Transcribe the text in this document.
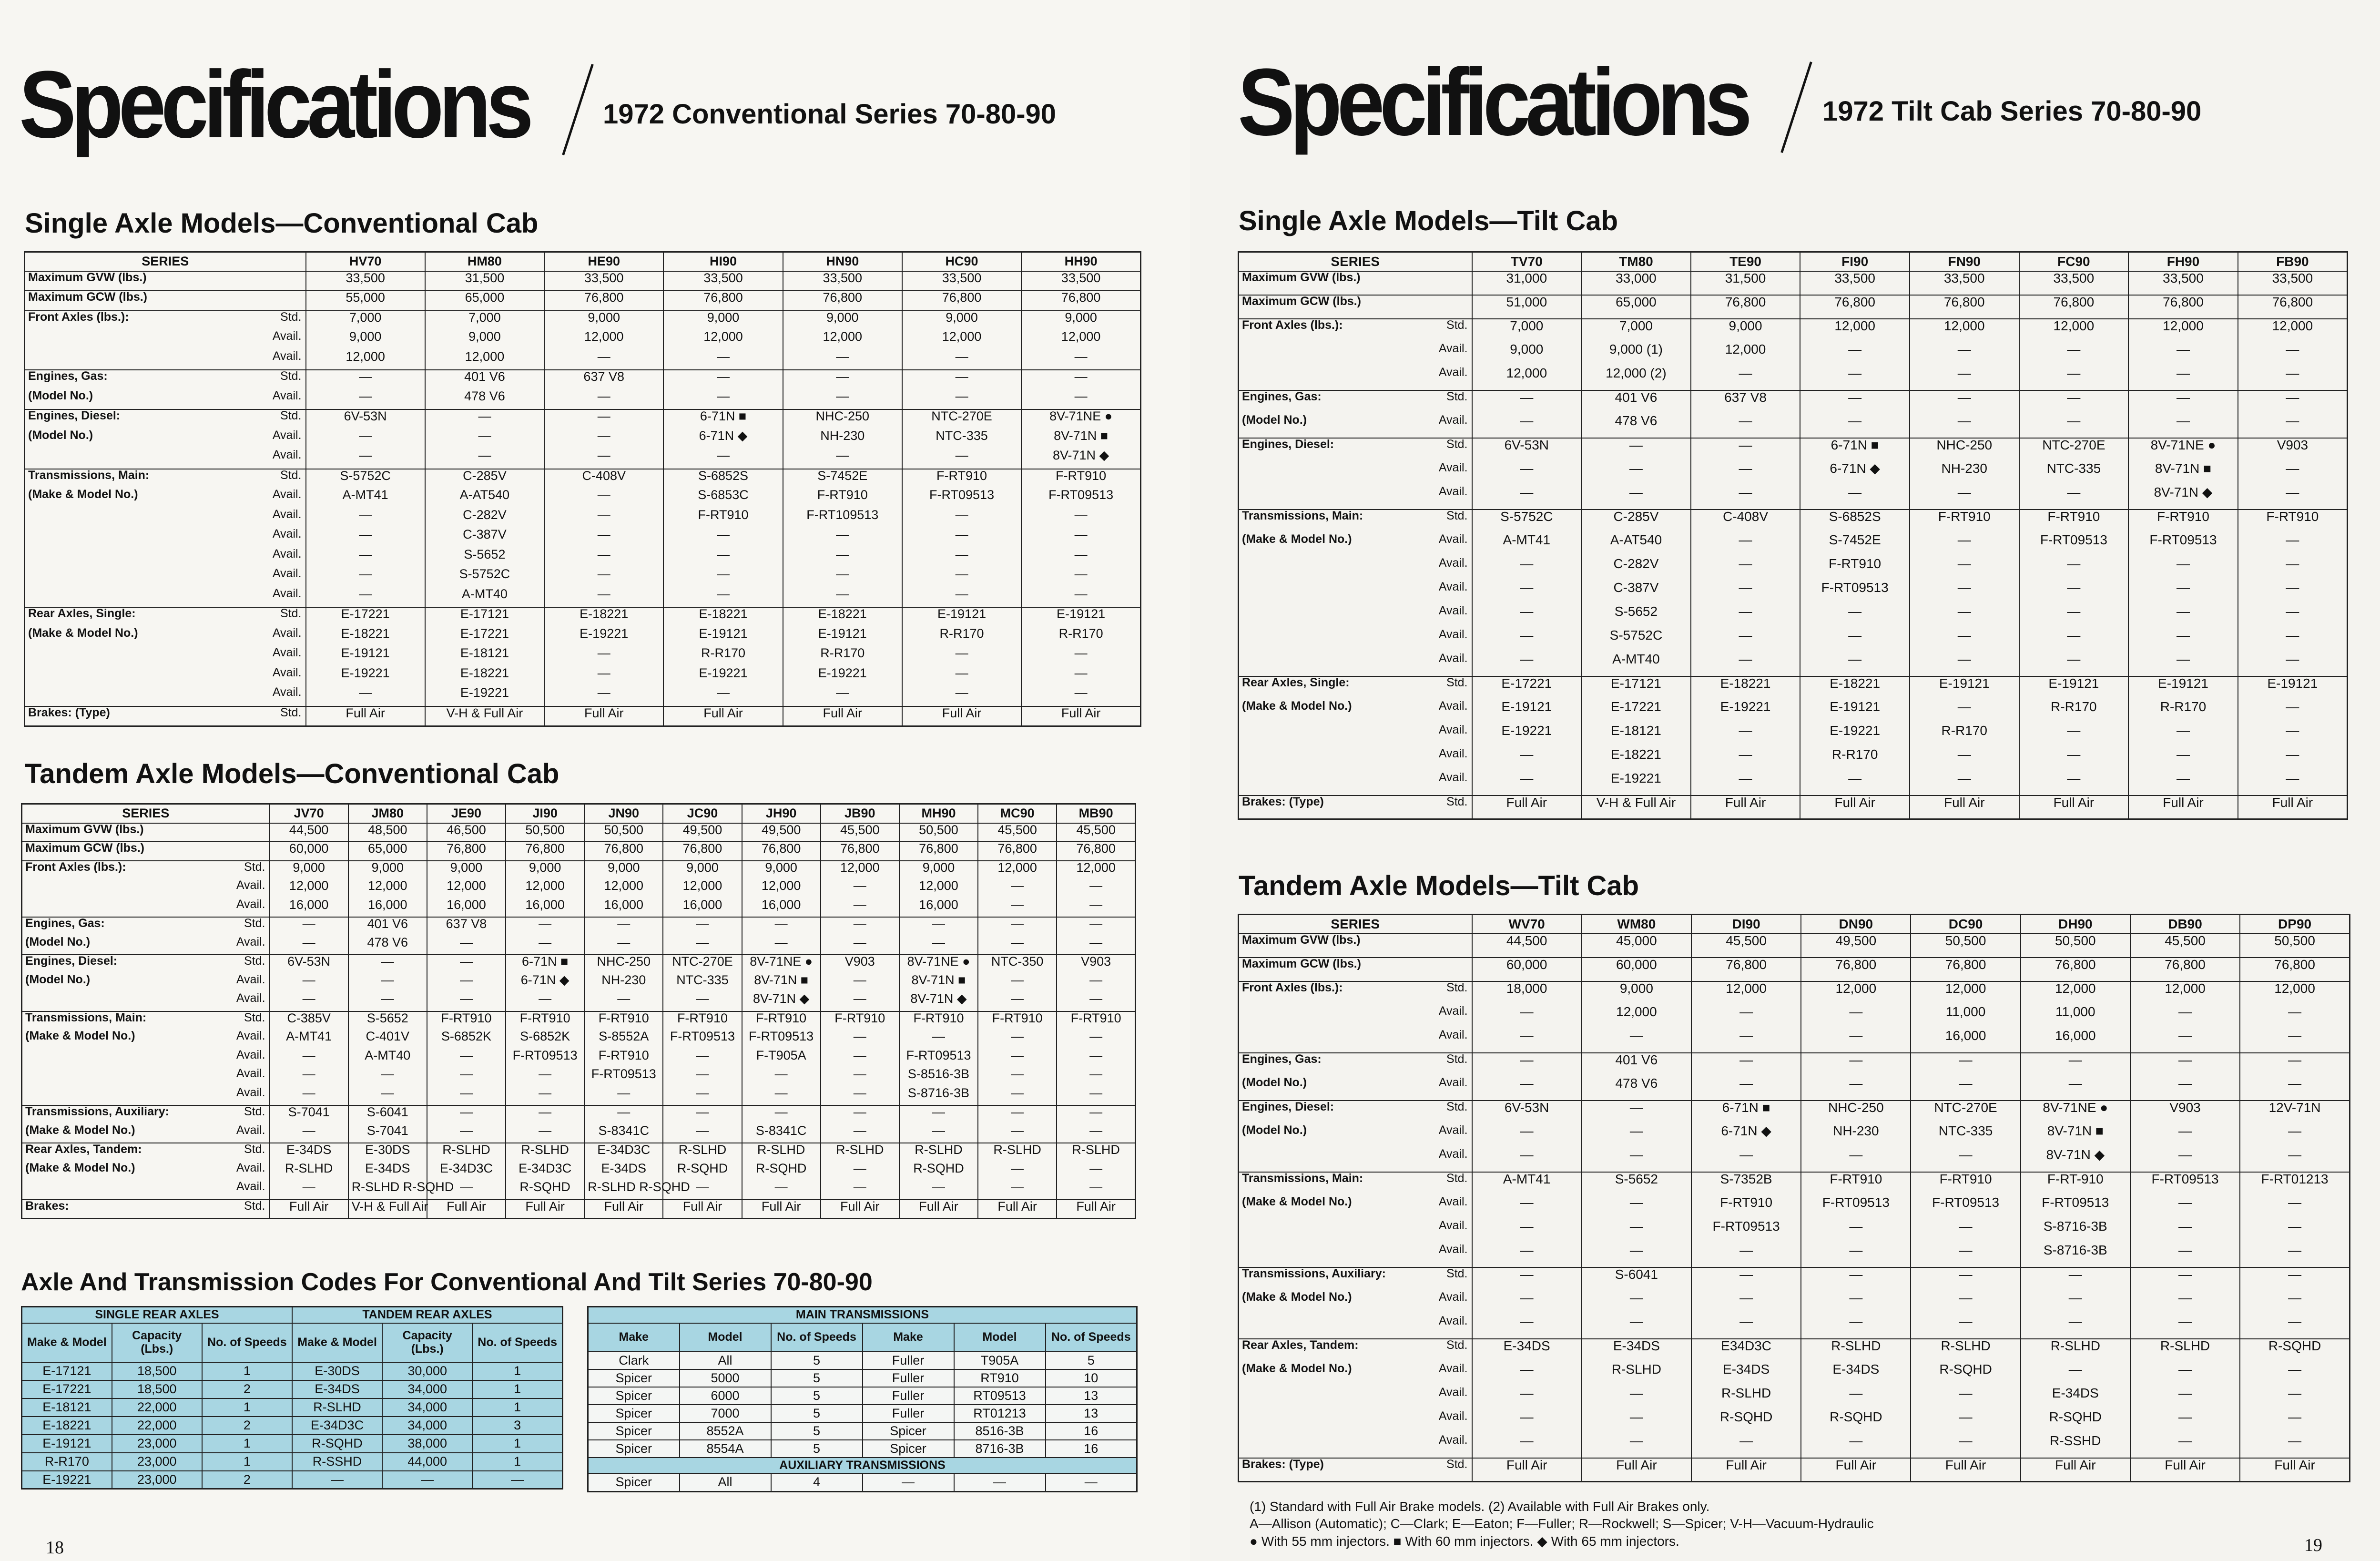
Specifications	1972 Conventional Series 70-80-90
Single Axle Models—Conventional Cab
SERIES		HV70	HM80	HE90	HI90	HN90	HC90	HH90
Maximum GVW (lbs.)		33,500	31,500	33,500	33,500	33,500	33,500	33,500
Maximum GCW (lbs.)		55,000	65,000	76,800	76,800	76,800	76,800	76,800
Front Axles (lbs.):	Std.	7,000	7,000	9,000	9,000	9,000	9,000	9,000
	Avail.	9,000	9,000	12,000	12,000	12,000	12,000	12,000
	Avail.	12,000	12,000	—	—	—	—	—
Engines, Gas:	Std.	—	401 V6	637 V8	—	—	—	—
(Model No.)	Avail.	—	478 V6	—	—	—	—	—
Engines, Diesel:	Std.	6V-53N	—	—	6-71N ■	NHC-250	NTC-270E	8V-71NE ●
(Model No.)	Avail.	—	—	—	6-71N ◆	NH-230	NTC-335	8V-71N ■
	Avail.	—	—	—	—	—	—	8V-71N ◆
Transmissions, Main:	Std.	S-5752C	C-285V	C-408V	S-6852S	S-7452E	F-RT910	F-RT910
(Make & Model No.)	Avail.	A-MT41	A-AT540	—	S-6853C	F-RT910	F-RT09513	F-RT09513
	Avail.	—	C-282V	—	F-RT910	F-RT109513	—	—
	Avail.	—	C-387V	—	—	—	—	—
	Avail.	—	S-5652	—	—	—	—	—
	Avail.	—	S-5752C	—	—	—	—	—
	Avail.	—	A-MT40	—	—	—	—	—
Rear Axles, Single:	Std.	E-17221	E-17121	E-18221	E-18221	E-18221	E-19121	E-19121
(Make & Model No.)	Avail.	E-18221	E-17221	E-19221	E-19121	E-19121	R-R170	R-R170
	Avail.	E-19121	E-18121	—	R-R170	R-R170	—	—
	Avail.	E-19221	E-18221	—	E-19221	E-19221	—	—
	Avail.	—	E-19221	—	—	—	—	—
Brakes: (Type)	Std.	Full Air	V-H & Full Air	Full Air	Full Air	Full Air	Full Air	Full Air
Tandem Axle Models—Conventional Cab
SERIES		JV70	JM80	JE90	JI90	JN90	JC90	JH90	JB90	MH90	MC90	MB90
Maximum GVW (lbs.)		44,500	48,500	46,500	50,500	50,500	49,500	49,500	45,500	50,500	45,500	45,500
Maximum GCW (lbs.)		60,000	65,000	76,800	76,800	76,800	76,800	76,800	76,800	76,800	76,800	76,800
Front Axles (lbs.):	Std.	9,000	9,000	9,000	9,000	9,000	9,000	9,000	12,000	9,000	12,000	12,000
	Avail.	12,000	12,000	12,000	12,000	12,000	12,000	12,000	—	12,000	—	—
	Avail.	16,000	16,000	16,000	16,000	16,000	16,000	16,000	—	16,000	—	—
Engines, Gas:	Std.	—	401 V6	637 V8	—	—	—	—	—	—	—	—
(Model No.)	Avail.	—	478 V6	—	—	—	—	—	—	—	—	—
Engines, Diesel:	Std.	6V-53N	—	—	6-71N ■	NHC-250	NTC-270E	8V-71NE ●	V903	8V-71NE ●	NTC-350	V903
(Model No.)	Avail.	—	—	—	6-71N ◆	NH-230	NTC-335	8V-71N ■	—	8V-71N ■	—	—
	Avail.	—	—	—	—	—	—	8V-71N ◆	—	8V-71N ◆	—	—
Transmissions, Main:	Std.	C-385V	S-5652	F-RT910	F-RT910	F-RT910	F-RT910	F-RT910	F-RT910	F-RT910	F-RT910	F-RT910
(Make & Model No.)	Avail.	A-MT41	C-401V	S-6852K	S-6852K	S-8552A	F-RT09513	F-RT09513	—	—	—	—
	Avail.	—	A-MT40	—	F-RT09513	F-RT910	—	F-T905A	—	F-RT09513	—	—
	Avail.	—	—	—	—	F-RT09513	—	—	—	S-8516-3B	—	—
	Avail.	—	—	—	—	—	—	—	—	S-8716-3B	—	—
Transmissions, Auxiliary:	Std.	S-7041	S-6041	—	—	—	—	—	—	—	—	—
(Make & Model No.)	Avail.	—	S-7041	—	—	S-8341C	—	S-8341C	—	—	—	—
Rear Axles, Tandem:	Std.	E-34DS	E-30DS	R-SLHD	R-SLHD	E-34D3C	R-SLHD	R-SLHD	R-SLHD	R-SLHD	R-SLHD	R-SLHD
(Make & Model No.)	Avail.	R-SLHD	E-34DS	E-34D3C	E-34D3C	E-34DS	R-SQHD	R-SQHD	—	R-SQHD	—	—
	Avail.	—	R-SLHD R-SQHD	—	R-SQHD	R-SLHD R-SQHD	—	—	—	—	—	—
Brakes:	Std.	Full Air	V-H & Full Air	Full Air	Full Air	Full Air	Full Air	Full Air	Full Air	Full Air	Full Air	Full Air
Axle And Transmission Codes For Conventional And Tilt Series 70-80-90
SINGLE REAR AXLES			TANDEM REAR AXLES		
Make & Model	Capacity (Lbs.)	No. of Speeds	Make & Model	Capacity (Lbs.)	No. of Speeds
E-17121	18,500	1	E-30DS	30,000	1
E-17221	18,500	2	E-34DS	34,000	1
E-18121	22,000	1	R-SLHD	34,000	1
E-18221	22,000	2	E-34D3C	34,000	3
E-19121	23,000	1	R-SQHD	38,000	1
R-R170	23,000	1	R-SSHD	44,000	1
E-19221	23,000	2	—	—	—
MAIN TRANSMISSIONS					
Make	Model	No. of Speeds	Make	Model	No. of Speeds
Clark	All	5	Fuller	T905A	5
Spicer	5000	5	Fuller	RT910	10
Spicer	6000	5	Fuller	RT09513	13
Spicer	7000	5	Fuller	RT01213	13
Spicer	8552A	5	Spicer	8516-3B	16
Spicer	8554A	5	Spicer	8716-3B	16
AUXILIARY TRANSMISSIONS					
Spicer	All	4	—	—	—
18
Specifications	1972 Tilt Cab Series 70-80-90
Single Axle Models—Tilt Cab
SERIES		TV70	TM80	TE90	FI90	FN90	FC90	FH90	FB90
Maximum GVW (lbs.)		31,000	33,000	31,500	33,500	33,500	33,500	33,500	33,500
Maximum GCW (lbs.)		51,000	65,000	76,800	76,800	76,800	76,800	76,800	76,800
Front Axles (lbs.):	Std.	7,000	7,000	9,000	12,000	12,000	12,000	12,000	12,000
	Avail.	9,000	9,000 (1)	12,000	—	—	—	—	—
	Avail.	12,000	12,000 (2)	—	—	—	—	—	—
Engines, Gas:	Std.	—	401 V6	637 V8	—	—	—	—	—
(Model No.)	Avail.	—	478 V6	—	—	—	—	—	—
Engines, Diesel:	Std.	6V-53N	—	—	6-71N ■	NHC-250	NTC-270E	8V-71NE ●	V903
	Avail.	—	—	—	6-71N ◆	NH-230	NTC-335	8V-71N ■	—
	Avail.	—	—	—	—	—	—	8V-71N ◆	—
Transmissions, Main:	Std.	S-5752C	C-285V	C-408V	S-6852S	F-RT910	F-RT910	F-RT910	F-RT910
(Make & Model No.)	Avail.	A-MT41	A-AT540	—	S-7452E	—	F-RT09513	F-RT09513	—
	Avail.	—	C-282V	—	F-RT910	—	—	—	—
	Avail.	—	C-387V	—	F-RT09513	—	—	—	—
	Avail.	—	S-5652	—	—	—	—	—	—
	Avail.	—	S-5752C	—	—	—	—	—	—
	Avail.	—	A-MT40	—	—	—	—	—	—
Rear Axles, Single:	Std.	E-17221	E-17121	E-18221	E-18221	E-19121	E-19121	E-19121	E-19121
(Make & Model No.)	Avail.	E-19121	E-17221	E-19221	E-19121	—	R-R170	R-R170	—
	Avail.	E-19221	E-18121	—	E-19221	R-R170	—	—	—
	Avail.	—	E-18221	—	R-R170	—	—	—	—
	Avail.	—	E-19221	—	—	—	—	—	—
Brakes: (Type)	Std.	Full Air	V-H & Full Air	Full Air	Full Air	Full Air	Full Air	Full Air	Full Air
Tandem Axle Models—Tilt Cab
SERIES		WV70	WM80	DI90	DN90	DC90	DH90	DB90	DP90
Maximum GVW (lbs.)		44,500	45,000	45,500	49,500	50,500	50,500	45,500	50,500
Maximum GCW (lbs.)		60,000	60,000	76,800	76,800	76,800	76,800	76,800	76,800
Front Axles (lbs.):	Std.	18,000	9,000	12,000	12,000	12,000	12,000	12,000	12,000
	Avail.	—	12,000	—	—	11,000	11,000	—	—
	Avail.	—	—	—	—	16,000	16,000	—	—
Engines, Gas:	Std.	—	401 V6	—	—	—	—	—	—
(Model No.)	Avail.	—	478 V6	—	—	—	—	—	—
Engines, Diesel:	Std.	6V-53N	—	6-71N ■	NHC-250	NTC-270E	8V-71NE ●	V903	12V-71N
(Model No.)	Avail.	—	—	6-71N ◆	NH-230	NTC-335	8V-71N ■	—	—
	Avail.	—	—	—	—	—	8V-71N ◆	—	—
Transmissions, Main:	Std.	A-MT41	S-5652	S-7352B	F-RT910	F-RT910	F-RT-910	F-RT09513	F-RT01213
(Make & Model No.)	Avail.	—	—	F-RT910	F-RT09513	F-RT09513	F-RT09513	—	—
	Avail.	—	—	F-RT09513	—	—	S-8716-3B	—	—
	Avail.	—	—	—	—	—	S-8716-3B	—	—
Transmissions, Auxiliary:	Std.	—	S-6041	—	—	—	—	—	—
(Make & Model No.)	Avail.	—	—	—	—	—	—	—	—
	Avail.	—	—	—	—	—	—	—	—
Rear Axles, Tandem:	Std.	E-34DS	E-34DS	E34D3C	R-SLHD	R-SLHD	R-SLHD	R-SLHD	R-SQHD
(Make & Model No.)	Avail.	—	R-SLHD	E-34DS	E-34DS	R-SQHD	—	—	—
	Avail.	—	—	R-SLHD	—	—	E-34DS	—	—
	Avail.	—	—	R-SQHD	R-SQHD	—	R-SQHD	—	—
	Avail.	—	—	—	—	—	R-SSHD	—	—
Brakes: (Type)	Std.	Full Air	Full Air	Full Air	Full Air	Full Air	Full Air	Full Air	Full Air
(1) Standard with Full Air Brake models. (2) Available with Full Air Brakes only.
A—Allison (Automatic); C—Clark; E—Eaton; F—Fuller; R—Rockwell; S—Spicer; V-H—Vacuum-Hydraulic
● With 55 mm injectors. ■ With 60 mm injectors. ◆ With 65 mm injectors.	19
